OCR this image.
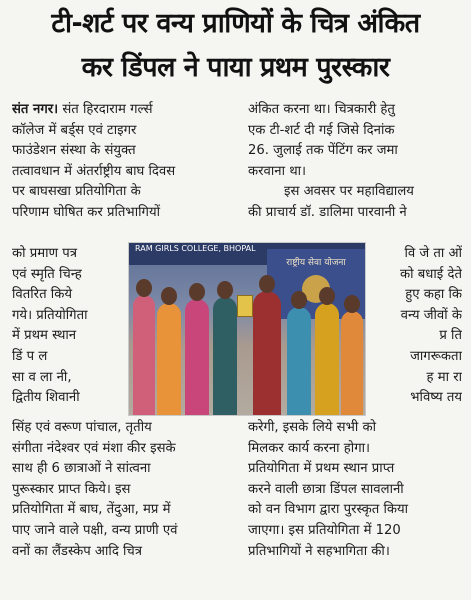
टी-शर्ट पर वन्य प्राणियों के चित्र अंकित
कर डिंपल ने पाया प्रथम पुरस्कार
संत नगर। संत हिरदाराम गर्ल्स
कॉलेज में बर्ड्स एवं टाइगर
फाउंडेशन संस्था के संयुक्त
तत्वावधान में अंतर्राष्ट्रीय बाघ दिवस
पर बाघसखा प्रतियोगिता के
परिणाम घोषित कर प्रतिभागियों
को प्रमाण पत्र
एवं स्मृति चिन्ह
वितरित किये
गये। प्रतियोगिता
में प्रथम स्थान
डिं प ल
सा व ला नी,
द्वितीय शिवानी
सिंह एवं वरूण पांचाल, तृतीय
संगीता नंदेश्वर एवं मंशा कीर इसके
साथ ही 6 छात्राओं ने सांत्वना
पुरूस्कार प्राप्त किये। इस
प्रतियोगिता में बाघ, तेंदुआ, मप्र में
पाए जाने वाले पक्षी, वन्य प्राणी एवं
वनों का लैंडस्केप आदि चित्र
अंकित करना था। चित्रकारी हेतु
एक टी-शर्ट दी गई जिसे दिनांक
26. जुलाई तक पेंटिंग कर जमा
करवाना था।
इस अवसर पर महाविद्यालय
की प्राचार्य डॉ. डालिमा पारवानी ने
वि जे ता ओं
को बधाई देते
हुए कहा कि
वन्य जीवों के
प्र ति
जागरूकता
ह मा रा
भविष्य तय
करेगी, इसके लिये सभी को
मिलकर कार्य करना होगा।
प्रतियोगिता में प्रथम स्थान प्राप्त
करने वाली छात्रा डिंपल सावलानी
को वन विभाग द्वारा पुरस्कृत किया
जाएगा। इस प्रतियोगिता में 120
प्रतिभागियों ने सहभागिता की।
RAM GIRLS COLLEGE, BHOPAL
राष्ट्रीय सेवा योजना
